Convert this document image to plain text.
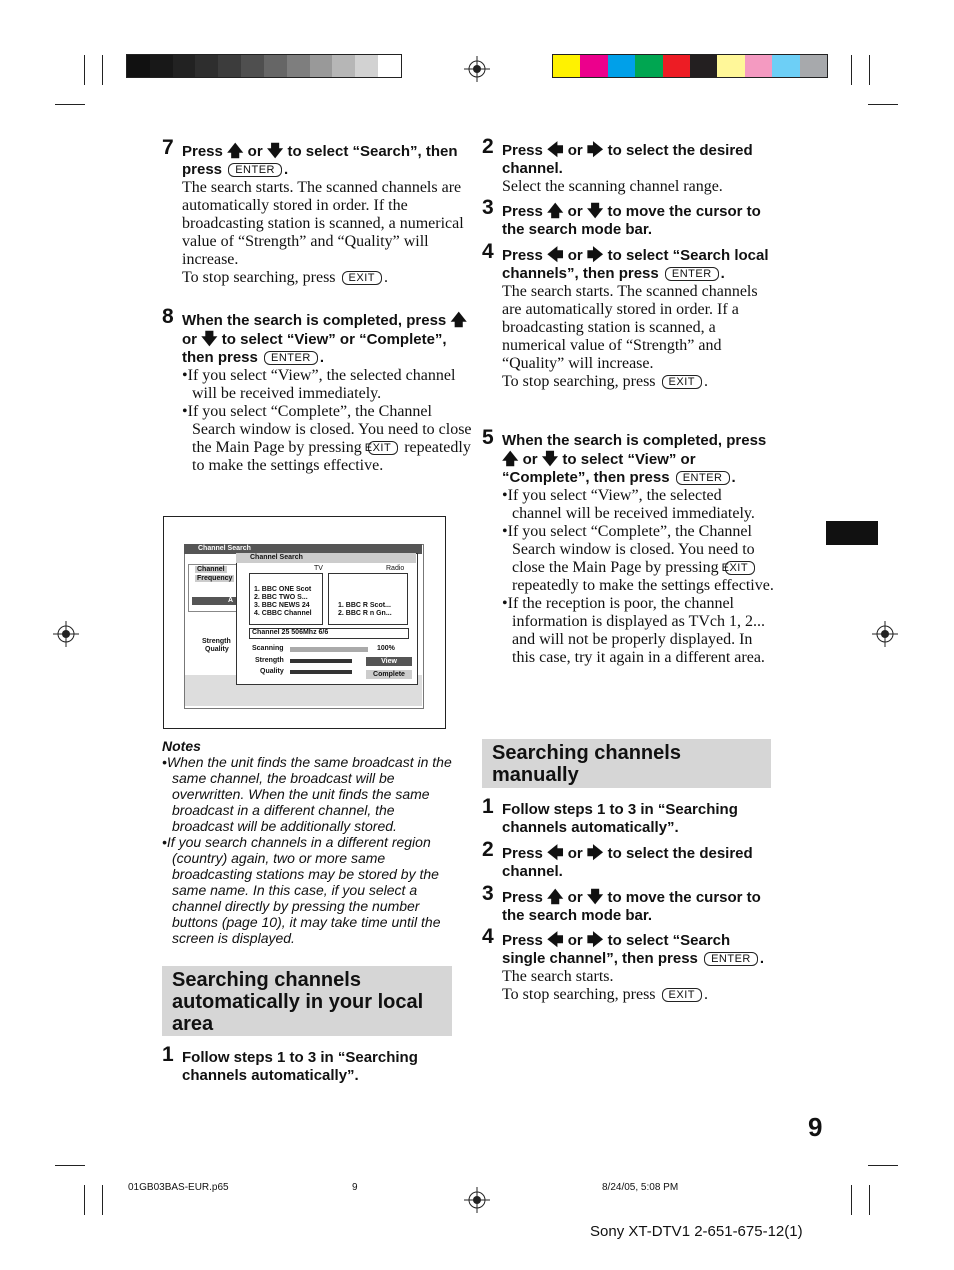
7 Press 🡅 or 🡇 to select “Search”, then press ENTER .
The search starts. The scanned channels are automatically stored in order. If the broadcasting station is scanned, a numerical value of “Strength” and “Quality” will increase.
To stop searching, press EXIT .
8 When the search is completed, press 🡅 or 🡇 to select “View” or “Complete”, then press ENTER .
•If you select “View”, the selected channel will be received immediately.
•If you select “Complete”, the Channel Search window is closed. You need to close the Main Page by pressing EXIT repeatedly to make the settings effective.
Channel Search
Channel
Frequency
A
Strength
Quality
Channel Search
TV	Radio
1. BBC ONE Scot
2. BBC TWO S...
3. BBC NEWS 24
4. CBBC Channel
1. BBC R Scot...
2. BBC R n Gn...
Channel 25 506Mhz 6/6
Scanning	100%
Strength
Quality
View
Complete
Notes
•When the unit finds the same broadcast in the same channel, the broadcast will be overwritten. When the unit finds the same broadcast in a different channel, the broadcast will be additionally stored.
•If you search channels in a different region (country) again, two or more same broadcasting stations may be stored by the same name. In this case, if you select a channel directly by pressing the number buttons (page 10), it may take time until the screen is displayed.
Searching channels automatically in your local area
1 Follow steps 1 to 3 in “Searching channels automatically”.
2 Press 🡄 or 🡆 to select the desired channel.
Select the scanning channel range.
3 Press 🡅 or 🡇 to move the cursor to the search mode bar.
4 Press 🡄 or 🡆 to select “Search local channels”, then press ENTER .
The search starts. The scanned channels are automatically stored in order. If a broadcasting station is scanned, a numerical value of “Strength” and “Quality” will increase.
To stop searching, press EXIT .
5 When the search is completed, press 🡅 or 🡇 to select “View” or “Complete”, then press ENTER .
•If you select “View”, the selected channel will be received immediately.
•If you select “Complete”, the Channel Search window is closed. You need to close the Main Page by pressing EXIT repeatedly to make the settings effective.
•If the reception is poor, the channel information is displayed as TVch 1, 2... and will not be properly displayed. In this case, try it again in a different area.
Searching channels manually
1 Follow steps 1 to 3 in “Searching channels automatically”.
2 Press 🡄 or 🡆 to select the desired channel.
3 Press 🡅 or 🡇 to move the cursor to the search mode bar.
4 Press 🡄 or 🡆 to select “Search single channel”, then press ENTER .
The search starts.
To stop searching, press EXIT .
9
01GB03BAS-EUR.p65	9	8/24/05, 5:08 PM
Sony XT-DTV1 2-651-675-12(1)
